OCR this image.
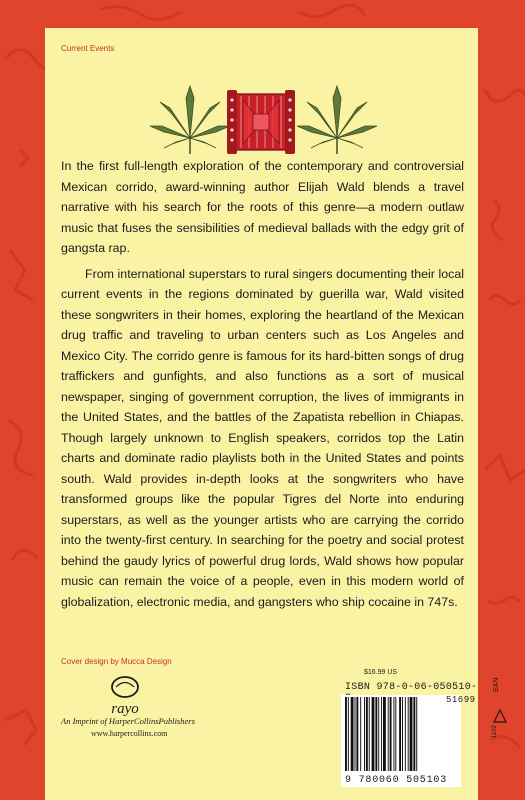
Current Events

In the first full-length exploration of the contemporary and controversial Mexican corrido, award-winning author Elijah Wald blends a travel narrative with his search for the roots of this genre—a modern outlaw music that fuses the sensibilities of medieval ballads with the edgy grit of gangsta rap.

From international superstars to rural singers documenting their local current events in the regions dominated by guerilla war, Wald visited these songwriters in their homes, exploring the heartland of the Mexican drug traffic and traveling to urban centers such as Los Angeles and Mexico City. The corrido genre is famous for its hard-bitten songs of drug traffickers and gunfights, and also functions as a sort of musical newspaper, singing of government corruption, the lives of immigrants in the United States, and the battles of the Zapatista rebellion in Chiapas. Though largely unknown to English speakers, corridos top the Latin charts and dominate radio playlists both in the United States and points south. Wald provides in-depth looks at the songwriters who have transformed groups like the popular Tigres del Norte into enduring superstars, as well as the younger artists who are carrying the corrido into the twenty-first century. In searching for the poetry and social protest behind the gaudy lyrics of powerful drug lords, Wald shows how popular music can remain the voice of a people, even in this modern world of globalization, electronic media, and gangsters who ship cocaine in 747s.

Cover design by Mucca Design
rayo
An Imprint of HarperCollinsPublishers
www.harpercollins.com
$16.99 US
ISBN 978-0-06-050510-
9 780060 505103
51699
EAN
1102
